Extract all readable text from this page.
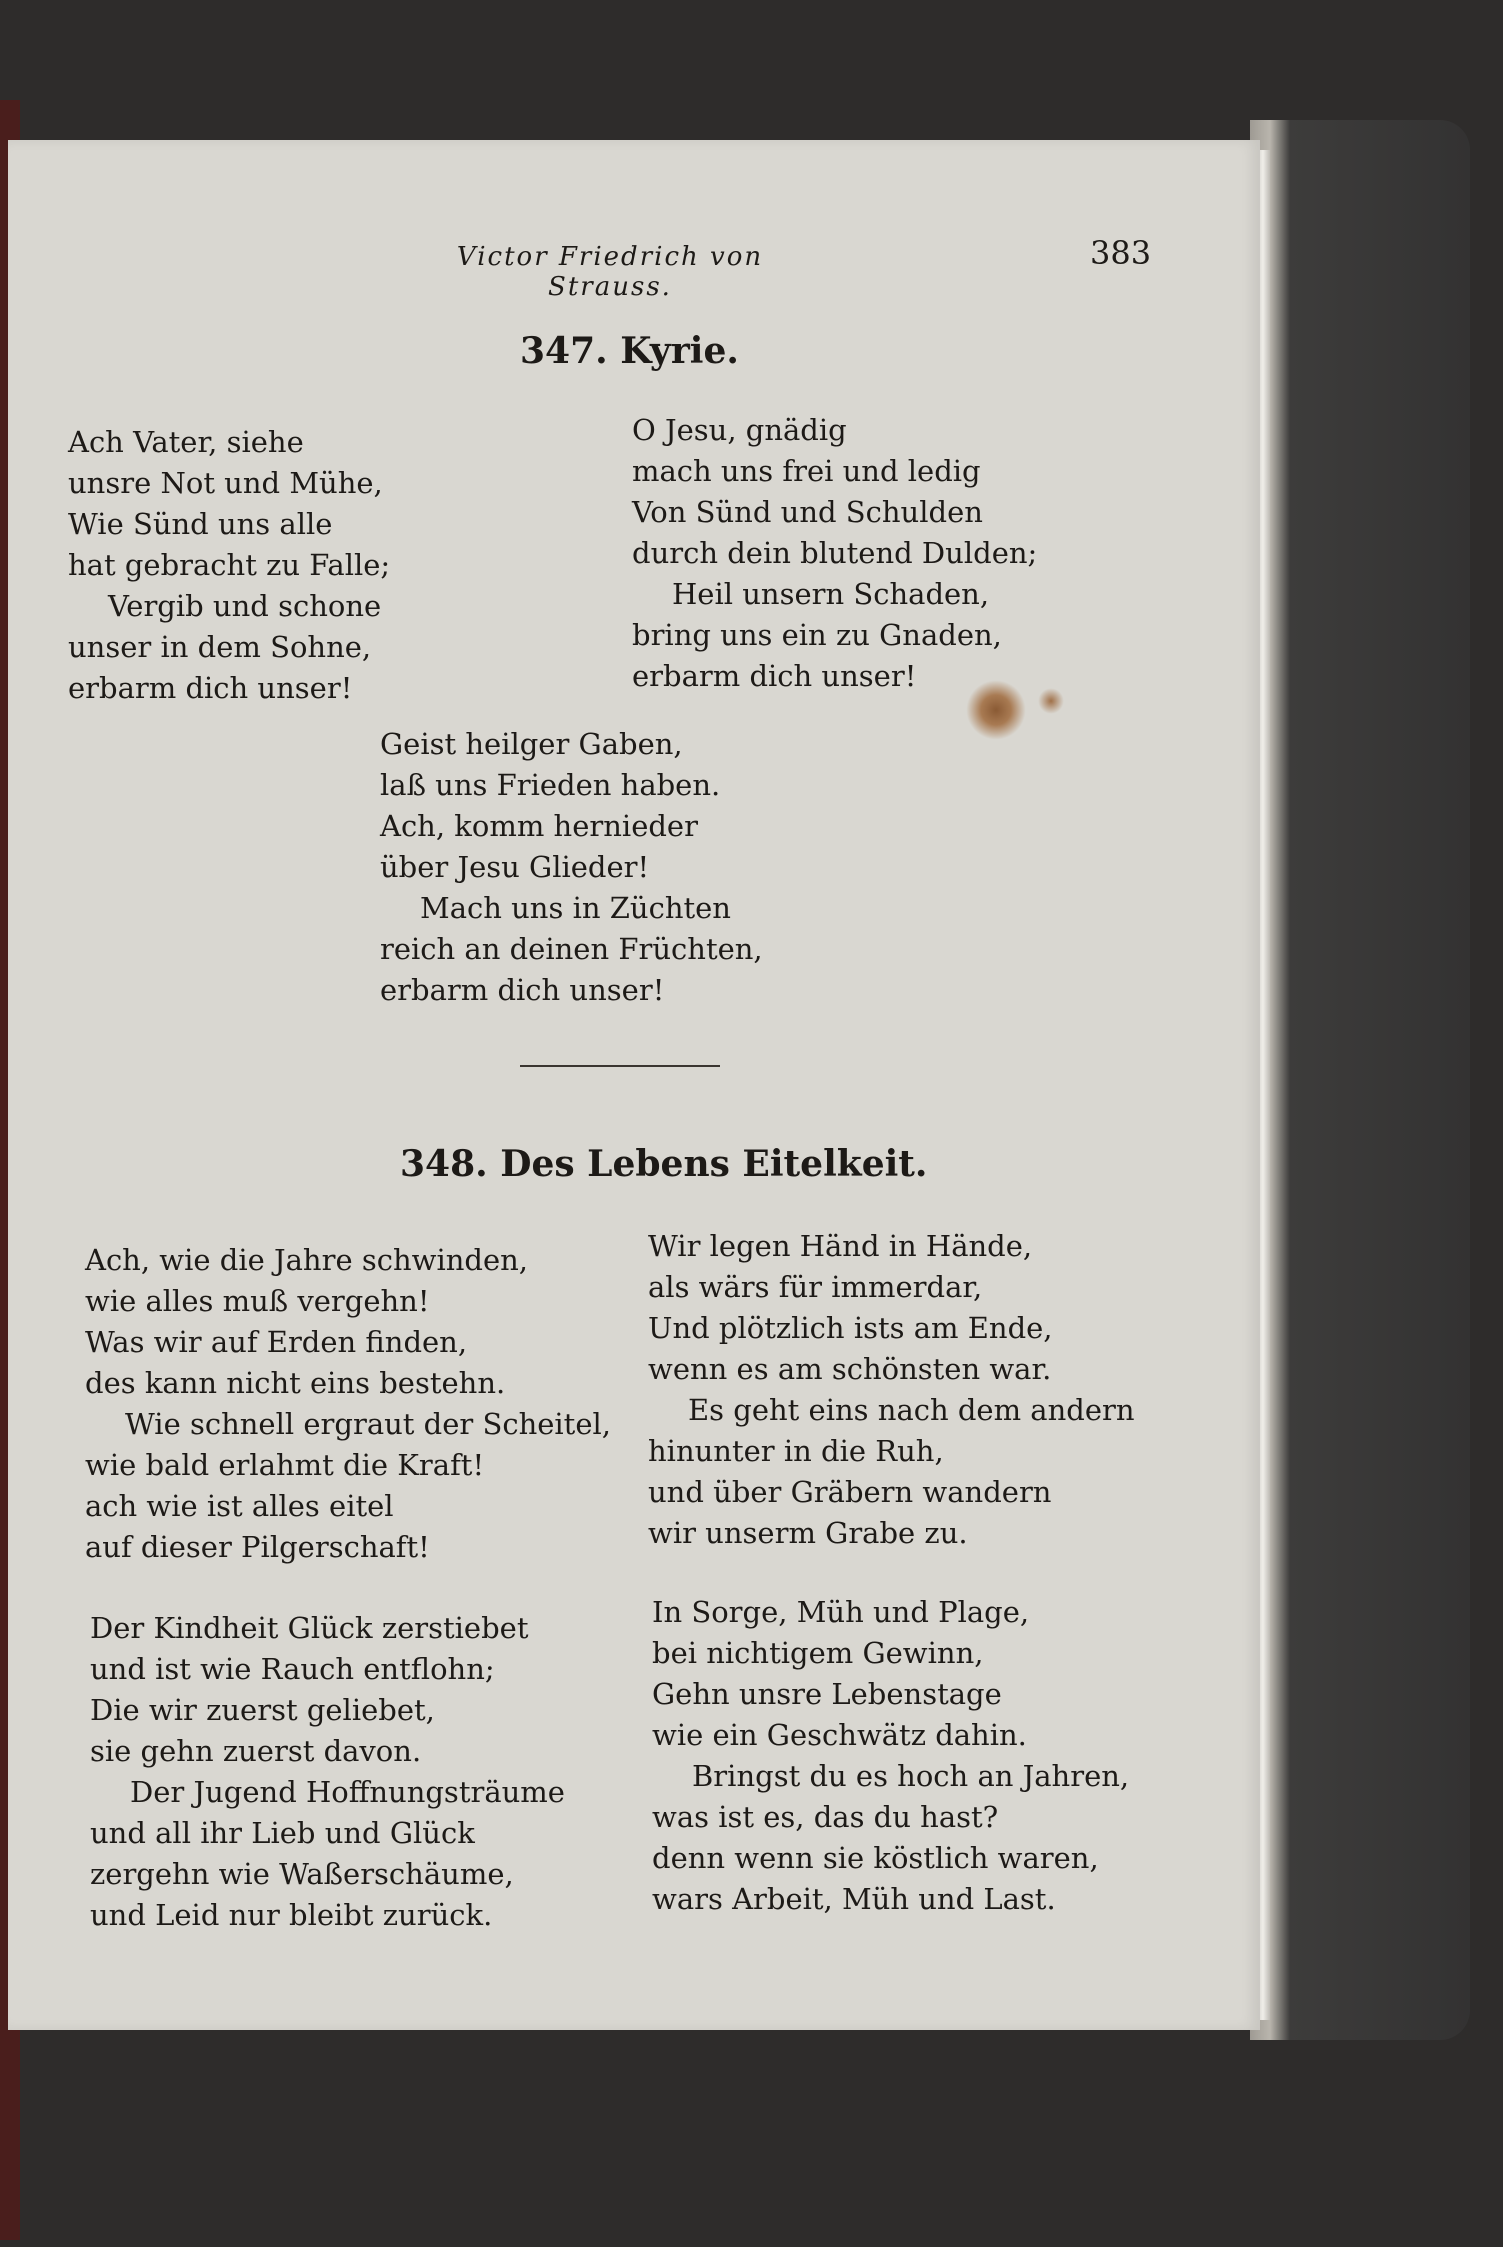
Victor Friedrich von Strauss.
383
347. Kyrie.
Ach Vater, siehe
unsre Not und Mühe,
Wie Sünd uns alle
hat gebracht zu Falle;
Vergib und schone
unser in dem Sohne,
erbarm dich unser!
O Jesu, gnädig
mach uns frei und ledig
Von Sünd und Schulden
durch dein blutend Dulden;
Heil unsern Schaden,
bring uns ein zu Gnaden,
erbarm dich unser!
Geist heilger Gaben,
laß uns Frieden haben.
Ach, komm hernieder
über Jesu Glieder!
Mach uns in Züchten
reich an deinen Früchten,
erbarm dich unser!
348. Des Lebens Eitelkeit.
Ach, wie die Jahre schwinden,
wie alles muß vergehn!
Was wir auf Erden finden,
des kann nicht eins bestehn.
Wie schnell ergraut der Scheitel,
wie bald erlahmt die Kraft!
ach wie ist alles eitel
auf dieser Pilgerschaft!
Wir legen Händ in Hände,
als wärs für immerdar,
Und plötzlich ists am Ende,
wenn es am schönsten war.
Es geht eins nach dem andern
hinunter in die Ruh,
und über Gräbern wandern
wir unserm Grabe zu.
Der Kindheit Glück zerstiebet
und ist wie Rauch entflohn;
Die wir zuerst geliebet,
sie gehn zuerst davon.
Der Jugend Hoffnungsträume
und all ihr Lieb und Glück
zergehn wie Waßerschäume,
und Leid nur bleibt zurück.
In Sorge, Müh und Plage,
bei nichtigem Gewinn,
Gehn unsre Lebenstage
wie ein Geschwätz dahin.
Bringst du es hoch an Jahren,
was ist es, das du hast?
denn wenn sie köstlich waren,
wars Arbeit, Müh und Last.
